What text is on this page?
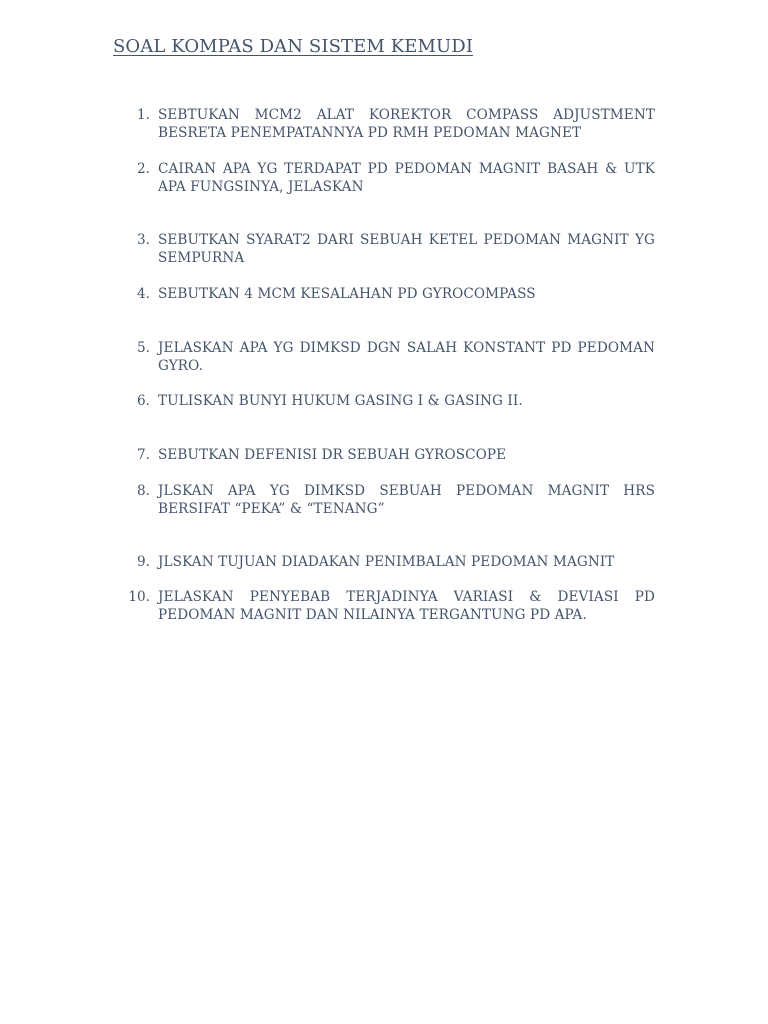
SOAL KOMPAS DAN SISTEM KEMUDI
1. SEBTUKAN MCM2 ALAT KOREKTOR COMPASS ADJUSTMENT BESRETA PENEMPATANNYA PD RMH PEDOMAN MAGNET
2. CAIRAN APA YG TERDAPAT PD PEDOMAN MAGNIT BASAH & UTK APA FUNGSINYA, JELASKAN
3. SEBUTKAN SYARAT2 DARI SEBUAH KETEL PEDOMAN MAGNIT YG SEMPURNA
4. SEBUTKAN 4 MCM KESALAHAN PD GYROCOMPASS
5. JELASKAN APA YG DIMKSD DGN SALAH KONSTANT PD PEDOMAN GYRO.
6. TULISKAN BUNYI HUKUM GASING I & GASING II.
7. SEBUTKAN DEFENISI DR SEBUAH GYROSCOPE
8. JLSKAN APA YG DIMKSD SEBUAH PEDOMAN MAGNIT HRS BERSIFAT “PEKA” & “TENANG”
9. JLSKAN TUJUAN DIADAKAN PENIMBALAN PEDOMAN MAGNIT
10. JELASKAN PENYEBAB TERJADINYA VARIASI & DEVIASI PD PEDOMAN MAGNIT DAN NILAINYA TERGANTUNG PD APA.
